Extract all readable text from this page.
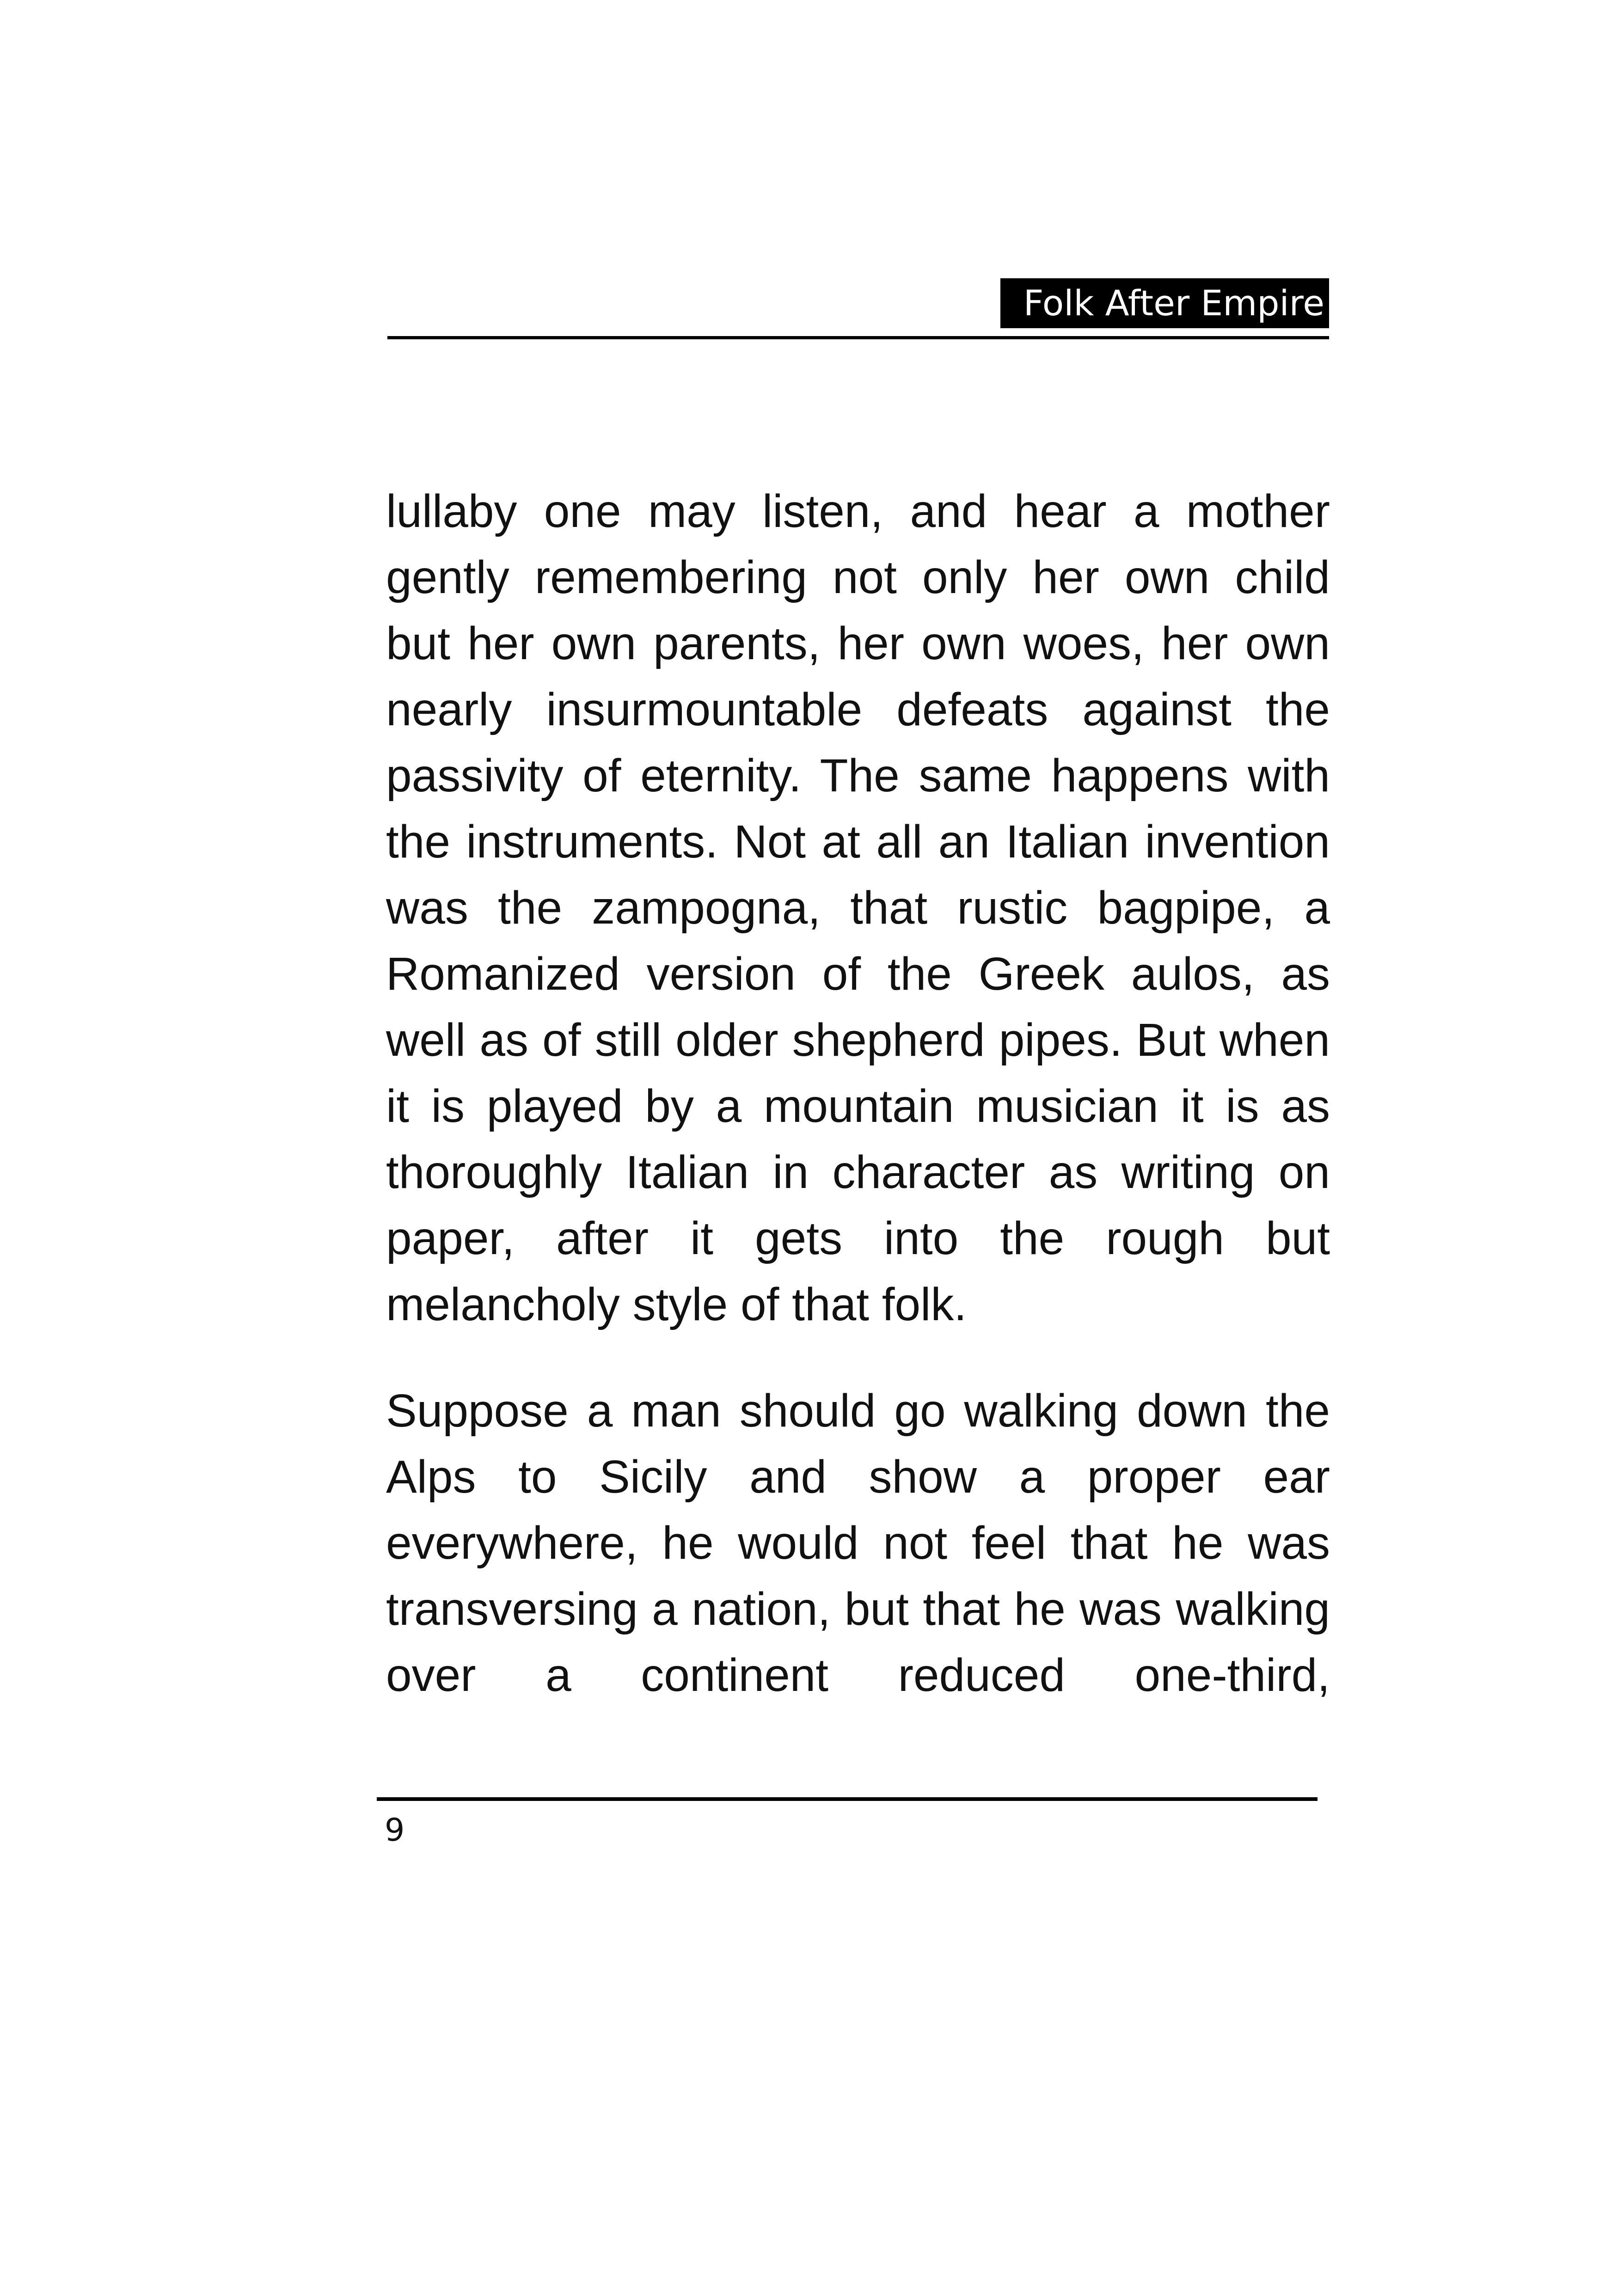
Folk After Empire

lullaby one may listen, and hear a mother gently remembering not only her own child but her own parents, her own woes, her own nearly insurmountable defeats against the passivity of eternity. The same happens with the instruments. Not at all an Italian invention was the zampogna, that rustic bagpipe, a Romanized version of the Greek aulos, as well as of still older shepherd pipes. But when it is played by a mountain musician it is as thoroughly Italian in character as writing on paper, after it gets into the rough but melancholy style of that folk.

Suppose a man should go walking down the Alps to Sicily and show a proper ear everywhere, he would not feel that he was transversing a nation, but that he was walking over a continent reduced one-third,

9
